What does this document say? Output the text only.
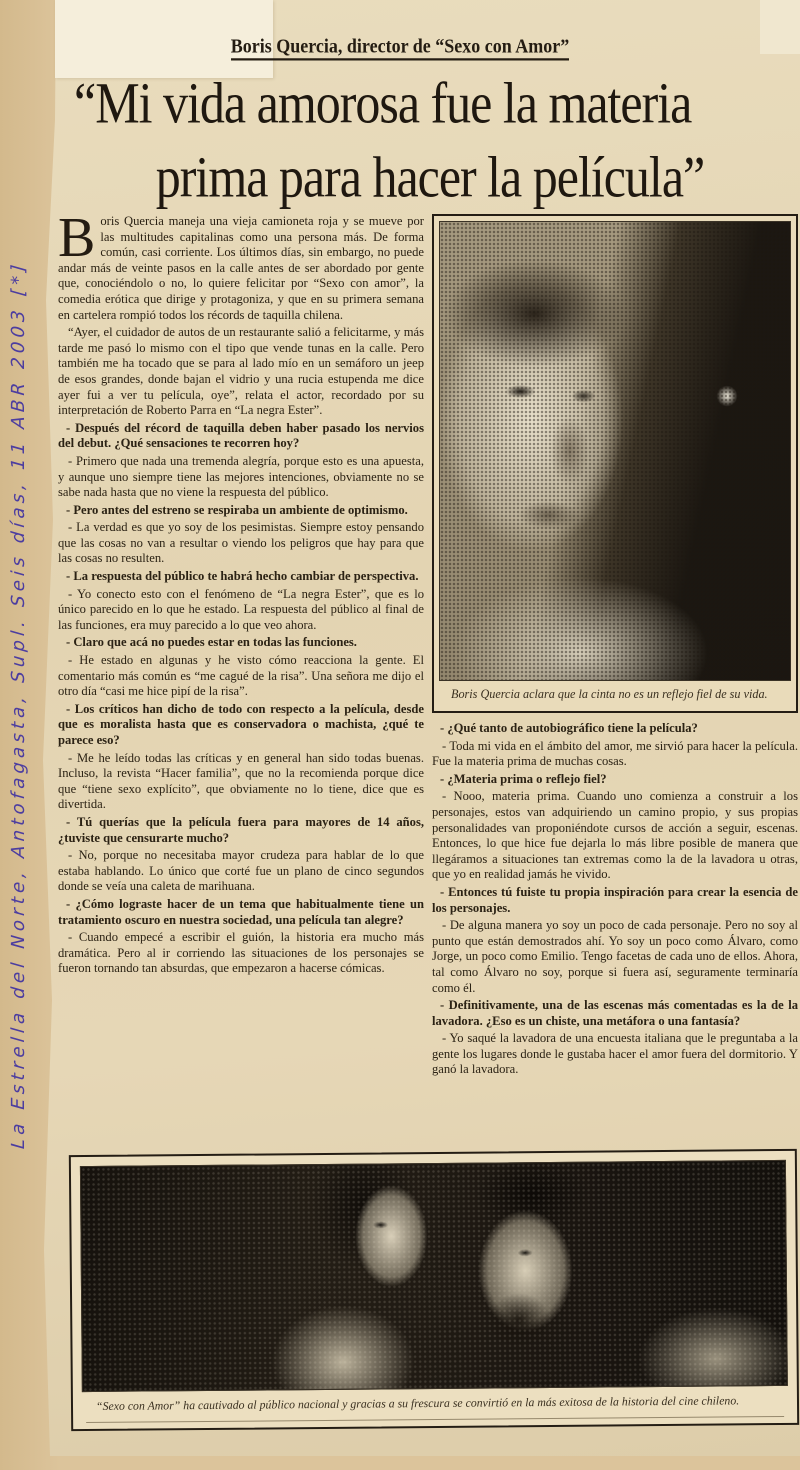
La Estrella del Norte, Antofagasta, Supl. Seis días, 11 ABR 2003 [*]
Boris Quercia, director de “Sexo con Amor”
“Mi vida amorosa fue la materia
prima para hacer la película”

Boris Quercia maneja una vieja camioneta roja y se mueve por las multitudes capitalinas como una persona más. De forma común, casi corriente. Los últimos días, sin embargo, no puede andar más de veinte pasos en la calle antes de ser abordado por gente que, conociéndolo o no, lo quiere felicitar por “Sexo con amor”, la comedia erótica que dirige y protagoniza, y que en su primera semana en cartelera rompió todos los récords de taquilla chilena.

“Ayer, el cuidador de autos de un restaurante salió a felicitarme, y más tarde me pasó lo mismo con el tipo que vende tunas en la calle. Pero también me ha tocado que se para al lado mío en un semáforo un jeep de esos grandes, donde bajan el vidrio y una rucia estupenda me dice ayer fui a ver tu película, oye”, relata el actor, recordado por su interpretación de Roberto Parra en “La negra Ester”.

- Después del récord de taquilla deben haber pasado los nervios del debut. ¿Qué sensaciones te recorren hoy?

- Primero que nada una tremenda alegría, porque esto es una apuesta, y aunque uno siempre tiene las mejores intenciones, obviamente no se sabe nada hasta que no viene la respuesta del público.

- Pero antes del estreno se respiraba un ambiente de optimismo.

- La verdad es que yo soy de los pesimistas. Siempre estoy pensando que las cosas no van a resultar o viendo los peligros que hay para que las cosas no resulten.

- La respuesta del público te habrá hecho cambiar de perspectiva.

- Yo conecto esto con el fenómeno de “La negra Ester”, que es lo único parecido en lo que he estado. La respuesta del público al final de las funciones, era muy parecido a lo que veo ahora.

- Claro que acá no puedes estar en todas las funciones.

- He estado en algunas y he visto cómo reacciona la gente. El comentario más común es “me cagué de la risa”. Una señora me dijo el otro día “casi me hice pipí de la risa”.

- Los críticos han dicho de todo con respecto a la película, desde que es moralista hasta que es conservadora o machista, ¿qué te parece eso?

- Me he leído todas las críticas y en general han sido todas buenas. Incluso, la revista “Hacer familia”, que no la recomienda porque dice que “tiene sexo explícito”, que obviamente no lo tiene, dice que es divertida.

- Tú querías que la película fuera para mayores de 14 años, ¿tuviste que censurarte mucho?

- No, porque no necesitaba mayor crudeza para hablar de lo que estaba hablando. Lo único que corté fue un plano de cinco segundos donde se veía una caleta de marihuana.

- ¿Cómo lograste hacer de un tema que habitualmente tiene un tratamiento oscuro en nuestra sociedad, una película tan alegre?

- Cuando empecé a escribir el guión, la historia era mucho más dramática. Pero al ir corriendo las situaciones de los personajes se fueron tornando tan absurdas, que empezaron a hacerse cómicas.

Boris Quercia aclara que la cinta no es un reflejo fiel de su vida.

- ¿Qué tanto de autobiográfico tiene la película?

- Toda mi vida en el ámbito del amor, me sirvió para hacer la película. Fue la materia prima de muchas cosas.

- ¿Materia prima o reflejo fiel?

- Nooo, materia prima. Cuando uno comienza a construir a los personajes, estos van adquiriendo un camino propio, y sus propias personalidades van proponiéndote cursos de acción a seguir, escenas. Entonces, lo que hice fue dejarla lo más libre posible de manera que llegáramos a situaciones tan extremas como la de la lavadora u otras, que yo en realidad jamás he vivido.

- Entonces tú fuiste tu propia inspiración para crear la esencia de los personajes.

- De alguna manera yo soy un poco de cada personaje. Pero no soy al punto que están demostrados ahí. Yo soy un poco como Álvaro, como Jorge, un poco como Emilio. Tengo facetas de cada uno de ellos. Ahora, tal como Álvaro no soy, porque si fuera así, seguramente terminaría como él.

- Definitivamente, una de las escenas más comentadas es la de la lavadora. ¿Eso es un chiste, una metáfora o una fantasía?

- Yo saqué la lavadora de una encuesta italiana que le preguntaba a la gente los lugares donde le gustaba hacer el amor fuera del dormitorio. Y ganó la lavadora.

“Sexo con Amor” ha cautivado al público nacional y gracias a su frescura se convirtió en la más exitosa de la historia del cine chileno.
